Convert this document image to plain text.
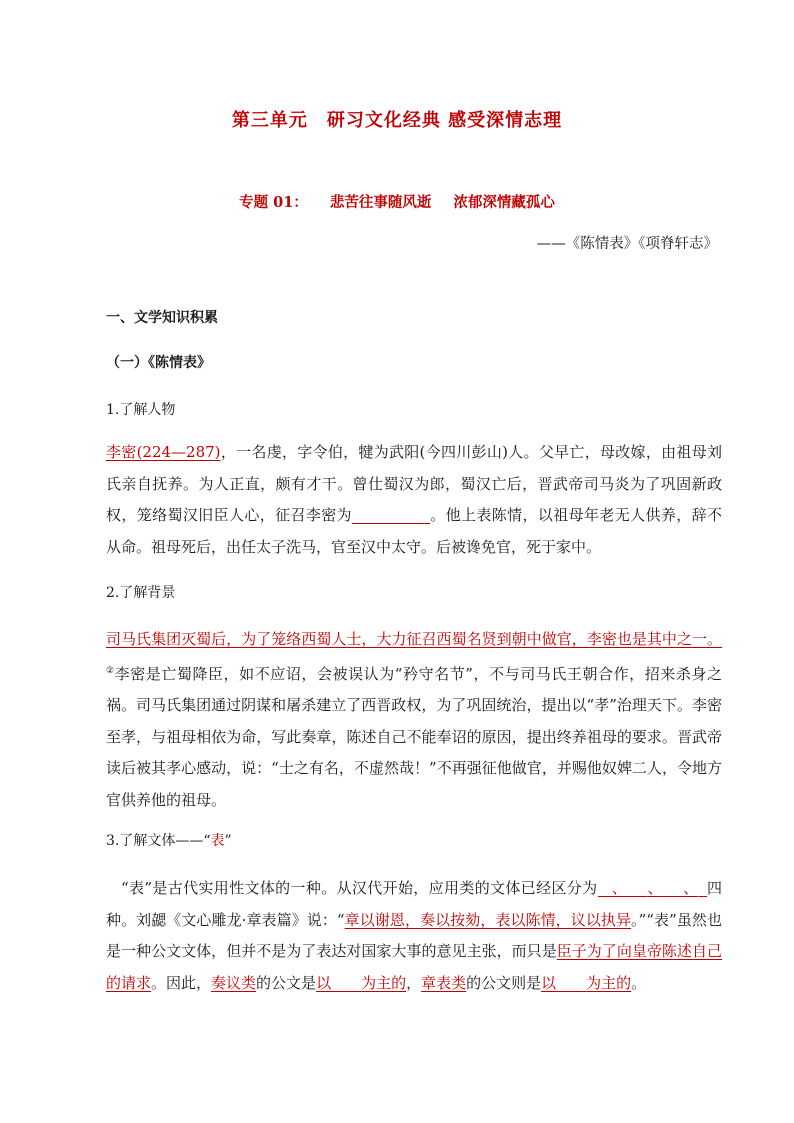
第三单元　研习文化经典 感受深情志理
专题 01： 悲苦往事随风逝 浓郁深情藏孤心
——《陈情表》《项脊轩志》
一、文学知识积累
（一）《陈情表》
1.了解人物
李密(224—287)，一名虔，字令伯，犍为武阳(今四川彭山)人。父早亡，母改嫁，由祖母刘氏亲自抚养。为人正直，颇有才干。曾仕蜀汉为郎，蜀汉亡后，晋武帝司马炎为了巩固新政权，笼络蜀汉旧臣人心，征召李密为	。他上表陈情，以祖母年老无人供养，辞不从命。祖母死后，出任太子洗马，官至汉中太守。后被谗免官，死于家中。
2.了解背景
司马氏集团灭蜀后，为了笼络西蜀人士，大力征召西蜀名贤到朝中做官，李密也是其中之一。②李密是亡蜀降臣，如不应诏，会被误认为“矜守名节”，不与司马氏王朝合作，招来杀身之祸。司马氏集团通过阴谋和屠杀建立了西晋政权，为了巩固统治，提出以“孝”治理天下。李密至孝，与祖母相依为命，写此奏章，陈述自己不能奉诏的原因，提出终养祖母的要求。晋武帝读后被其孝心感动，说：“士之有名，不虚然哉！”不再强征他做官，并赐他奴婢二人，令地方官供养他的祖母。
3.了解文体——“表”
“表”是古代实用性文体的一种。从汉代开始，应用类的文体已经区分为 、 、 、 四种。刘勰《文心雕龙·章表篇》说：“章以谢恩，奏以按劾，表以陈情，议以执异。”“表”虽然也是一种公文文体，但并不是为了表达对国家大事的意见主张，而只是臣子为了向皇帝陈述自己的请求。因此，奏议类的公文是以 为主的，章表类的公文则是以 为主的。
